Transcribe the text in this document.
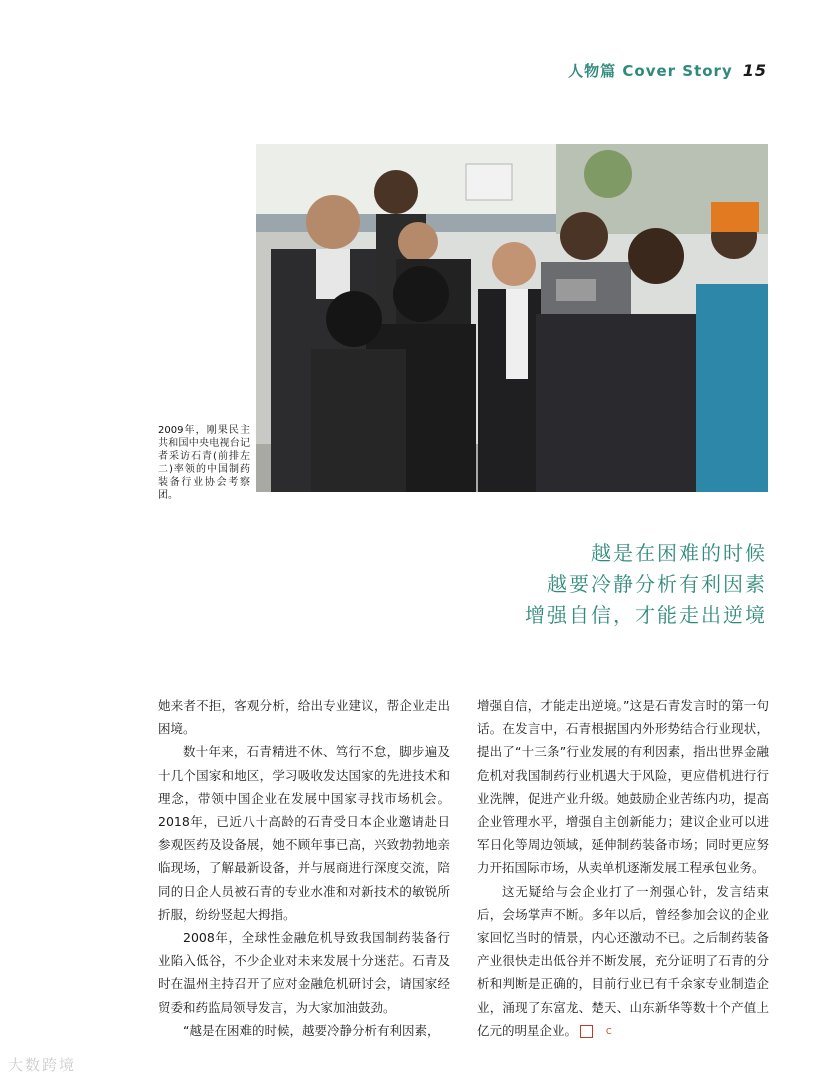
人物篇 Cover Story 15
2009年，刚果民主共和国中央电视台记者采访石青(前排左二)率领的中国制药装备行业协会考察团。
越是在困难的时候
越要冷静分析有利因素
增强自信，才能走出逆境

她来者不拒，客观分析，给出专业建议，帮企业走出困境。

数十年来，石青精进不休、笃行不怠，脚步遍及十几个国家和地区，学习吸收发达国家的先进技术和理念，带领中国企业在发展中国家寻找市场机会。2018年，已近八十高龄的石青受日本企业邀请赴日参观医药及设备展，她不顾年事已高，兴致勃勃地亲临现场，了解最新设备，并与展商进行深度交流，陪同的日企人员被石青的专业水准和对新技术的敏锐所折服，纷纷竖起大拇指。

2008年，全球性金融危机导致我国制药装备行业陷入低谷，不少企业对未来发展十分迷茫。石青及时在温州主持召开了应对金融危机研讨会，请国家经贸委和药监局领导发言，为大家加油鼓劲。

“越是在困难的时候，越要冷静分析有利因素，

增强自信，才能走出逆境。”这是石青发言时的第一句话。在发言中，石青根据国内外形势结合行业现状，提出了“十三条”行业发展的有利因素，指出世界金融危机对我国制药行业机遇大于风险，更应借机进行行业洗牌，促进产业升级。她鼓励企业苦练内功，提高企业管理水平，增强自主创新能力；建议企业可以进军日化等周边领域，延伸制药装备市场；同时更应努力开拓国际市场，从卖单机逐渐发展工程承包业务。

这无疑给与会企业打了一剂强心针，发言结束后，会场掌声不断。多年以后，曾经参加会议的企业家回忆当时的情景，内心还激动不已。之后制药装备产业很快走出低谷并不断发展，充分证明了石青的分析和判断是正确的，目前行业已有千余家专业制造企业，涌现了东富龙、楚天、山东新华等数十个产值上亿元的明星企业。	C

大数跨境
